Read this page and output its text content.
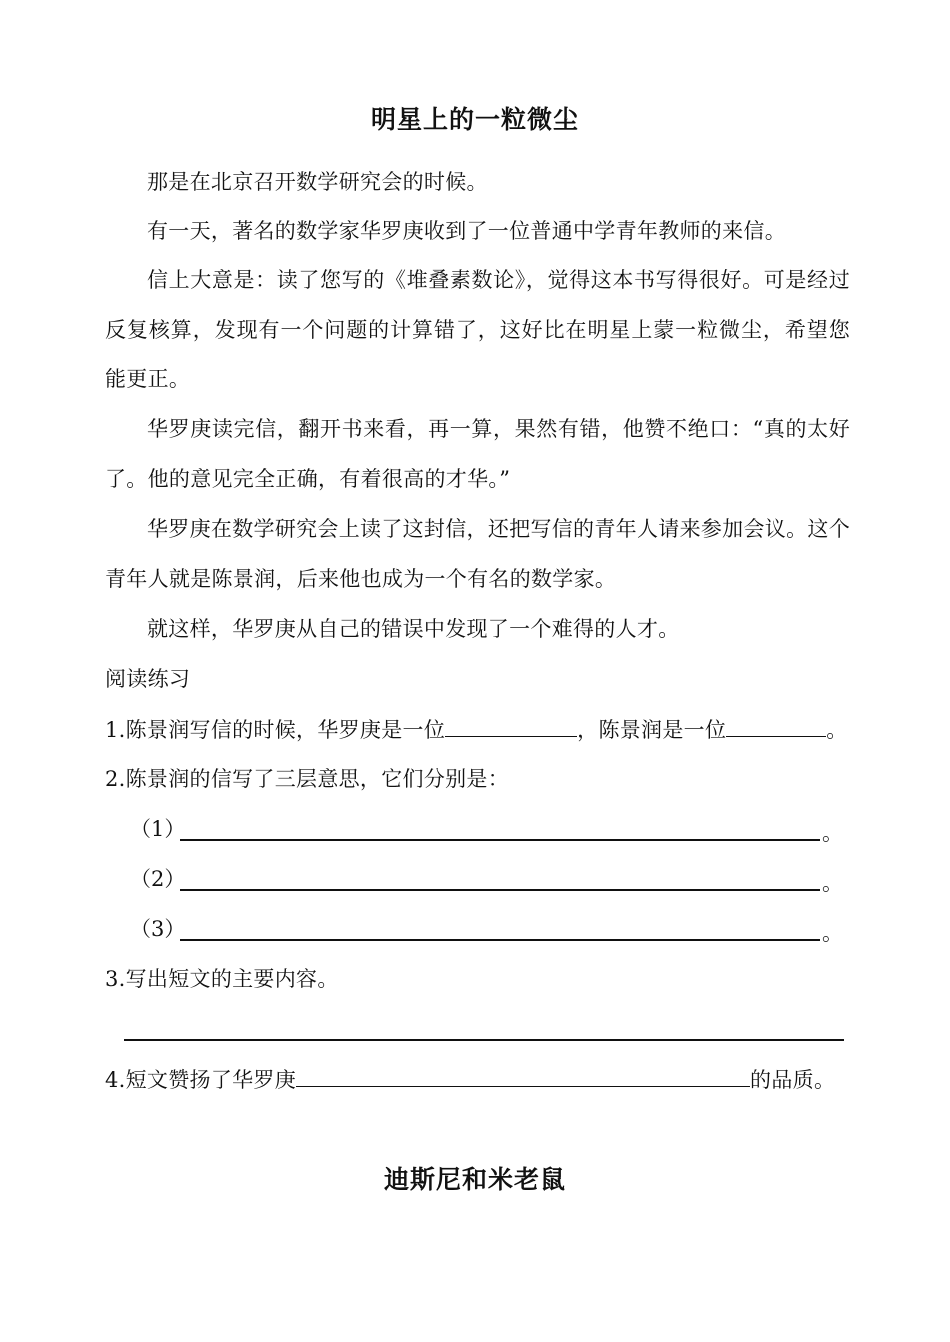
明星上的一粒微尘

那是在北京召开数学研究会的时候。

有一天，著名的数学家华罗庚收到了一位普通中学青年教师的来信。

信上大意是：读了您写的《堆叠素数论》，觉得这本书写得很好。可是经过反复核算，发现有一个问题的计算错了，这好比在明星上蒙一粒微尘，希望您能更正。

华罗庚读完信，翻开书来看，再一算，果然有错，他赞不绝口：“真的太好了。他的意见完全正确，有着很高的才华。”

华罗庚在数学研究会上读了这封信，还把写信的青年人请来参加会议。这个青年人就是陈景润，后来他也成为一个有名的数学家。

就这样，华罗庚从自己的错误中发现了一个难得的人才。

阅读练习
1.陈景润写信的时候，华罗庚是一位	，陈景润是一位	。
2.陈景润的信写了三层意思，它们分别是：
（1）	。
（2）	。
（3）	。
3.写出短文的主要内容。
4.短文赞扬了华罗庚	的品质。
迪斯尼和米老鼠
